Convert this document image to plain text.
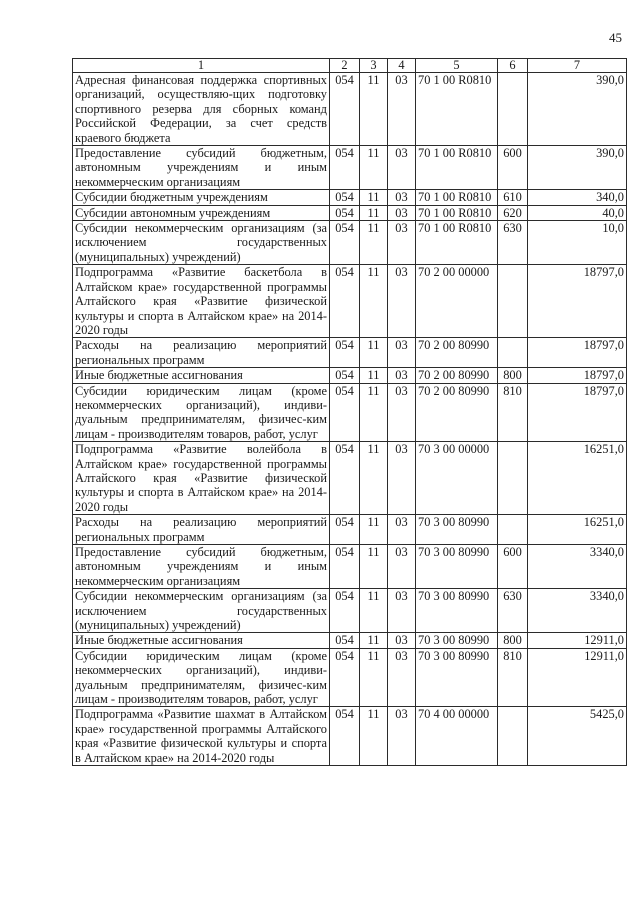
45
1	2	3	4	5	6	7
Адресная финансовая поддержка спортивных организаций, осуществляю-щих подготовку спортивного резерва для сборных команд Российской Федерации, за счет средств краевого бюджета	054	11	03	70 1 00 R0810		390,0
Предоставление субсидий бюджетным, автономным учреждениям и иным некоммерческим организациям	054	11	03	70 1 00 R0810	600	390,0
Субсидии бюджетным учреждениям	054	11	03	70 1 00 R0810	610	340,0
Субсидии автономным учреждениям	054	11	03	70 1 00 R0810	620	40,0
Субсидии некоммерческим организациям (за исключением государственных (муниципальных) учреждений)	054	11	03	70 1 00 R0810	630	10,0
Подпрограмма «Развитие баскетбола в Алтайском крае» государственной программы Алтайского края «Развитие физической культуры и спорта в Алтайском крае» на 2014-2020 годы	054	11	03	70 2 00 00000		18797,0
Расходы на реализацию мероприятий региональных программ	054	11	03	70 2 00 80990		18797,0
Иные бюджетные ассигнования	054	11	03	70 2 00 80990	800	18797,0
Субсидии юридическим лицам (кроме некоммерческих организаций), индиви-дуальным предпринимателям, физичес-ким лицам - производителям товаров, работ, услуг	054	11	03	70 2 00 80990	810	18797,0
Подпрограмма «Развитие волейбола в Алтайском крае» государственной программы Алтайского края «Развитие физической культуры и спорта в Алтайском крае» на 2014-2020 годы	054	11	03	70 3 00 00000		16251,0
Расходы на реализацию мероприятий региональных программ	054	11	03	70 3 00 80990		16251,0
Предоставление субсидий бюджетным, автономным учреждениям и иным некоммерческим организациям	054	11	03	70 3 00 80990	600	3340,0
Субсидии некоммерческим организациям (за исключением государственных (муниципальных) учреждений)	054	11	03	70 3 00 80990	630	3340,0
Иные бюджетные ассигнования	054	11	03	70 3 00 80990	800	12911,0
Субсидии юридическим лицам (кроме некоммерческих организаций), индиви-дуальным предпринимателям, физичес-ким лицам - производителям товаров, работ, услуг	054	11	03	70 3 00 80990	810	12911,0
Подпрограмма «Развитие шахмат в Алтайском крае» государственной программы Алтайского края «Развитие физической культуры и спорта в Алтайском крае» на 2014-2020 годы	054	11	03	70 4 00 00000		5425,0
